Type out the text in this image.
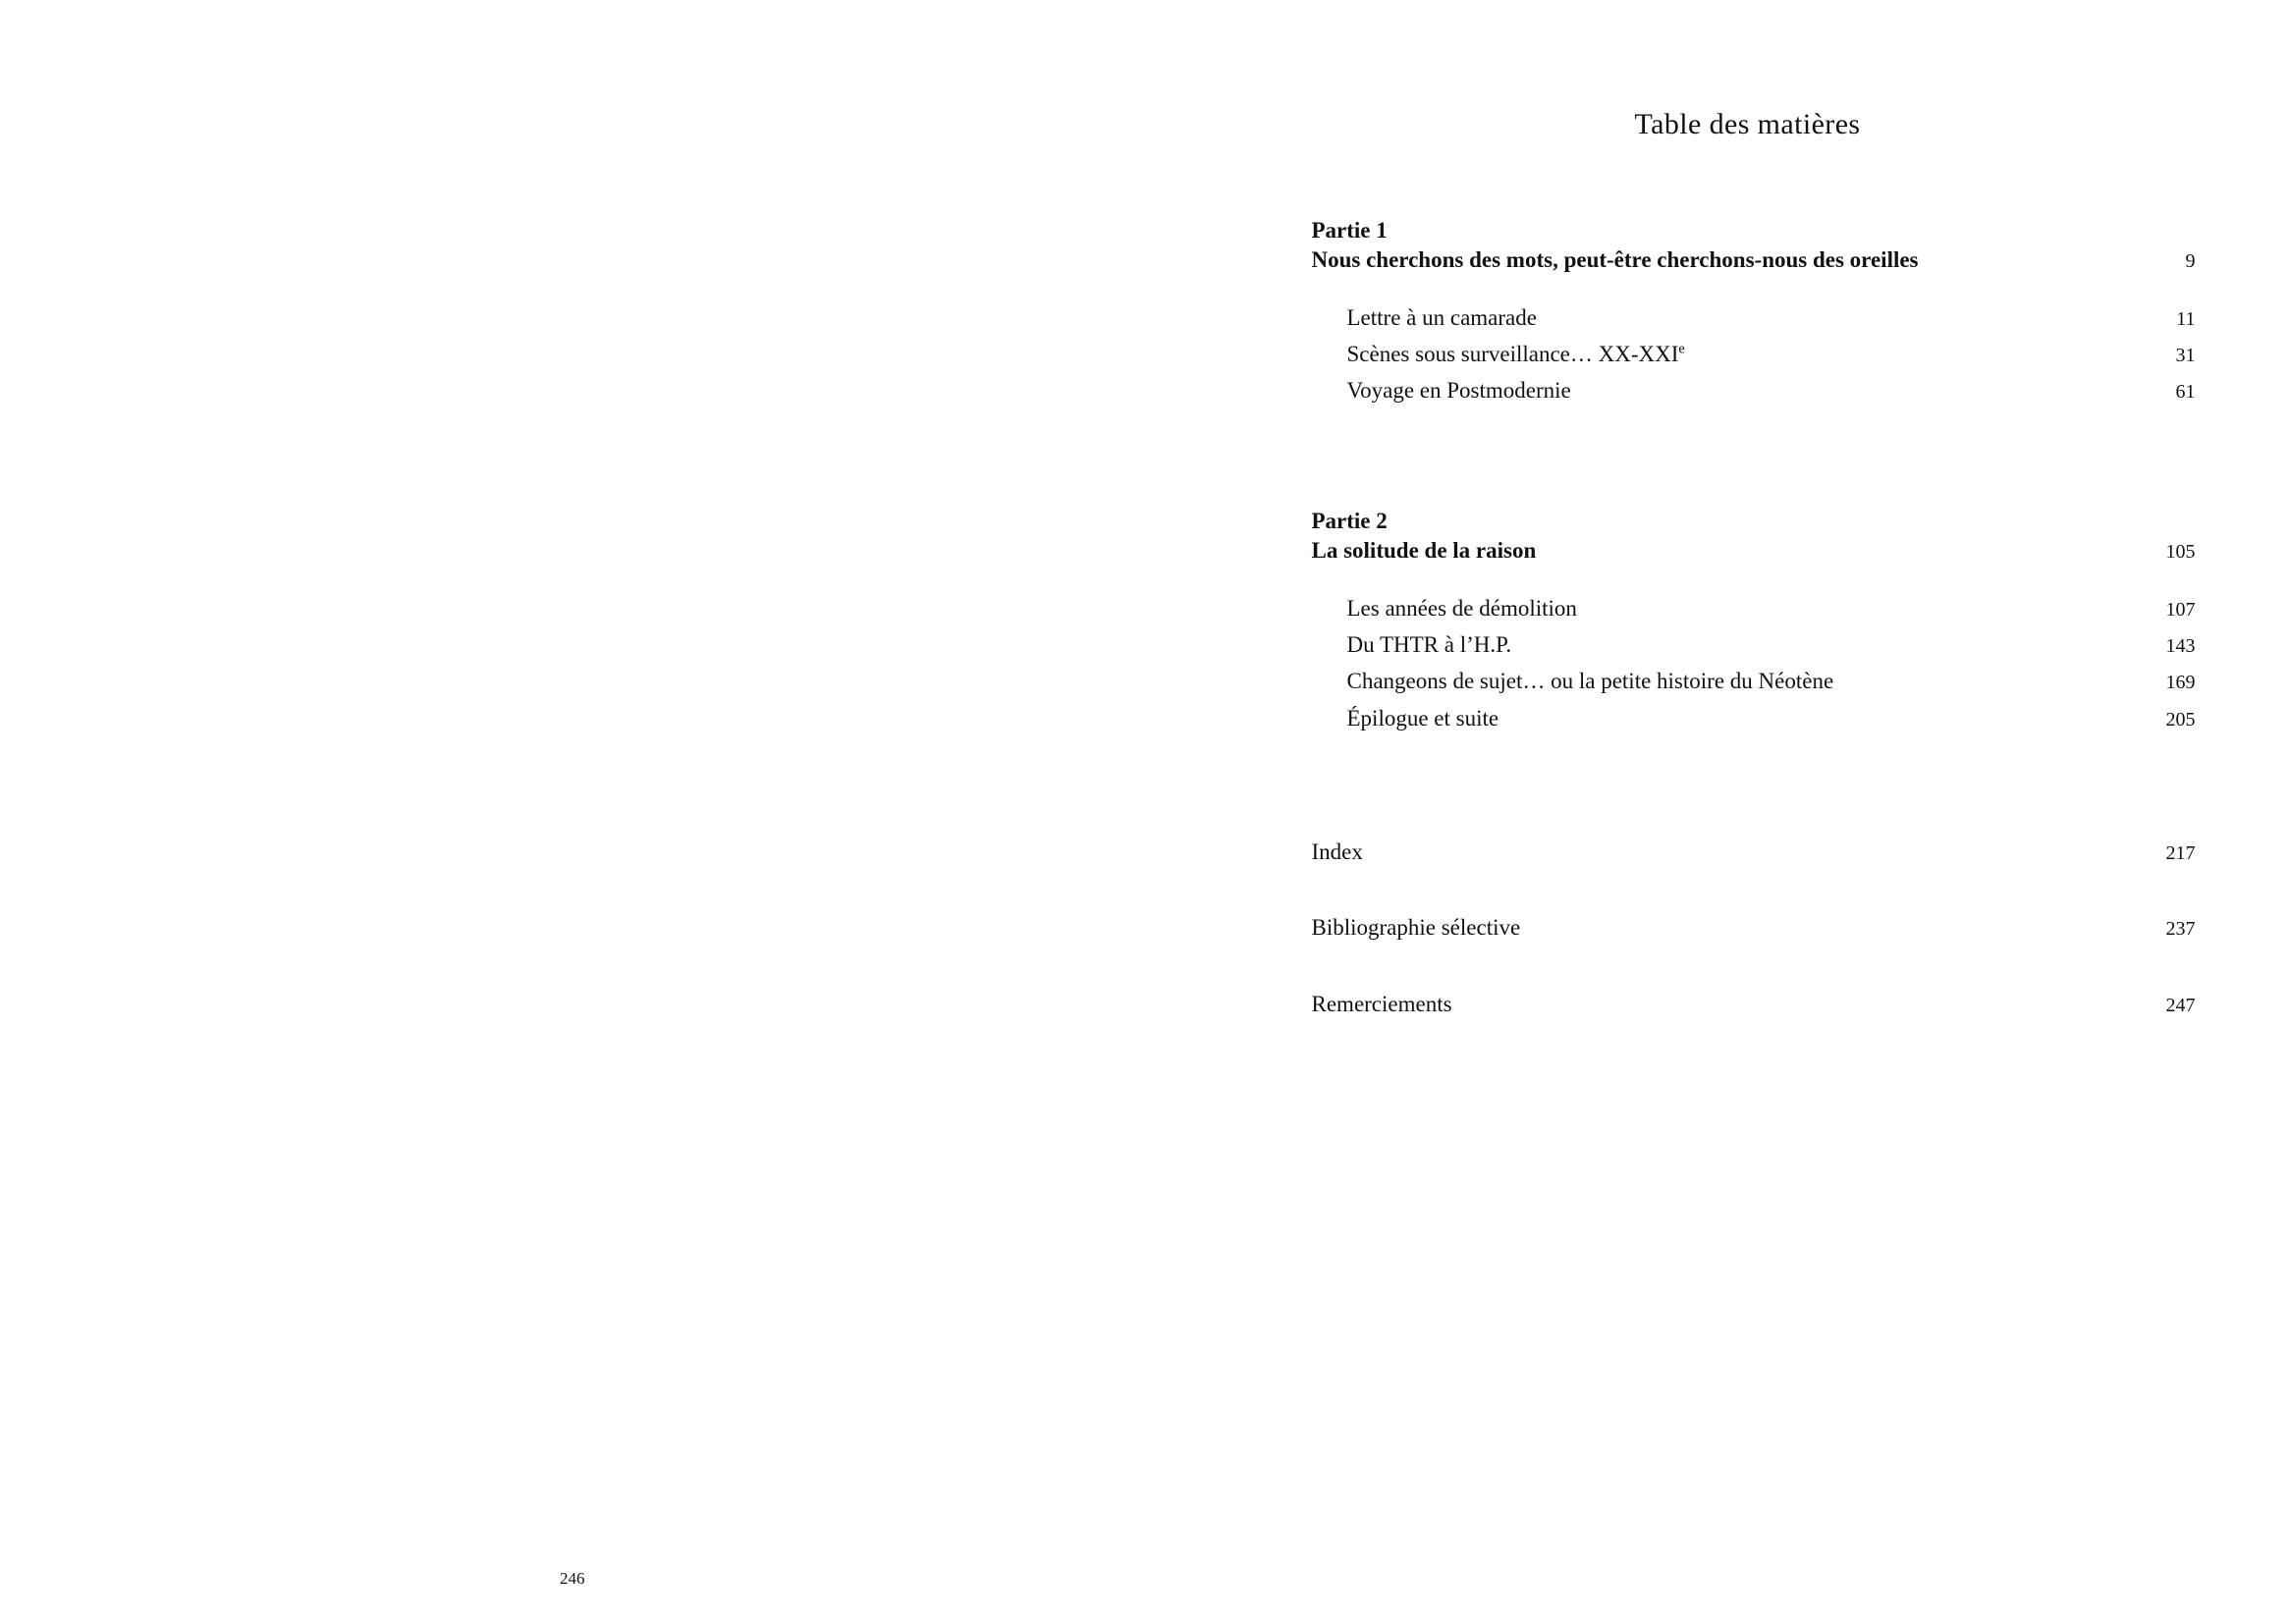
246
Table des matières
Partie 1
Nous cherchons des mots, peut-être cherchons-nous des oreilles	9
Lettre à un camarade	11
Scènes sous surveillance… XX-XXIe	31
Voyage en Postmodernie	61
Partie 2
La solitude de la raison	105
Les années de démolition	107
Du THTR à l’H.P.	143
Changeons de sujet… ou la petite histoire du Néotène	169
Épilogue et suite	205
Index	217
Bibliographie sélective	237
Remerciements	247
